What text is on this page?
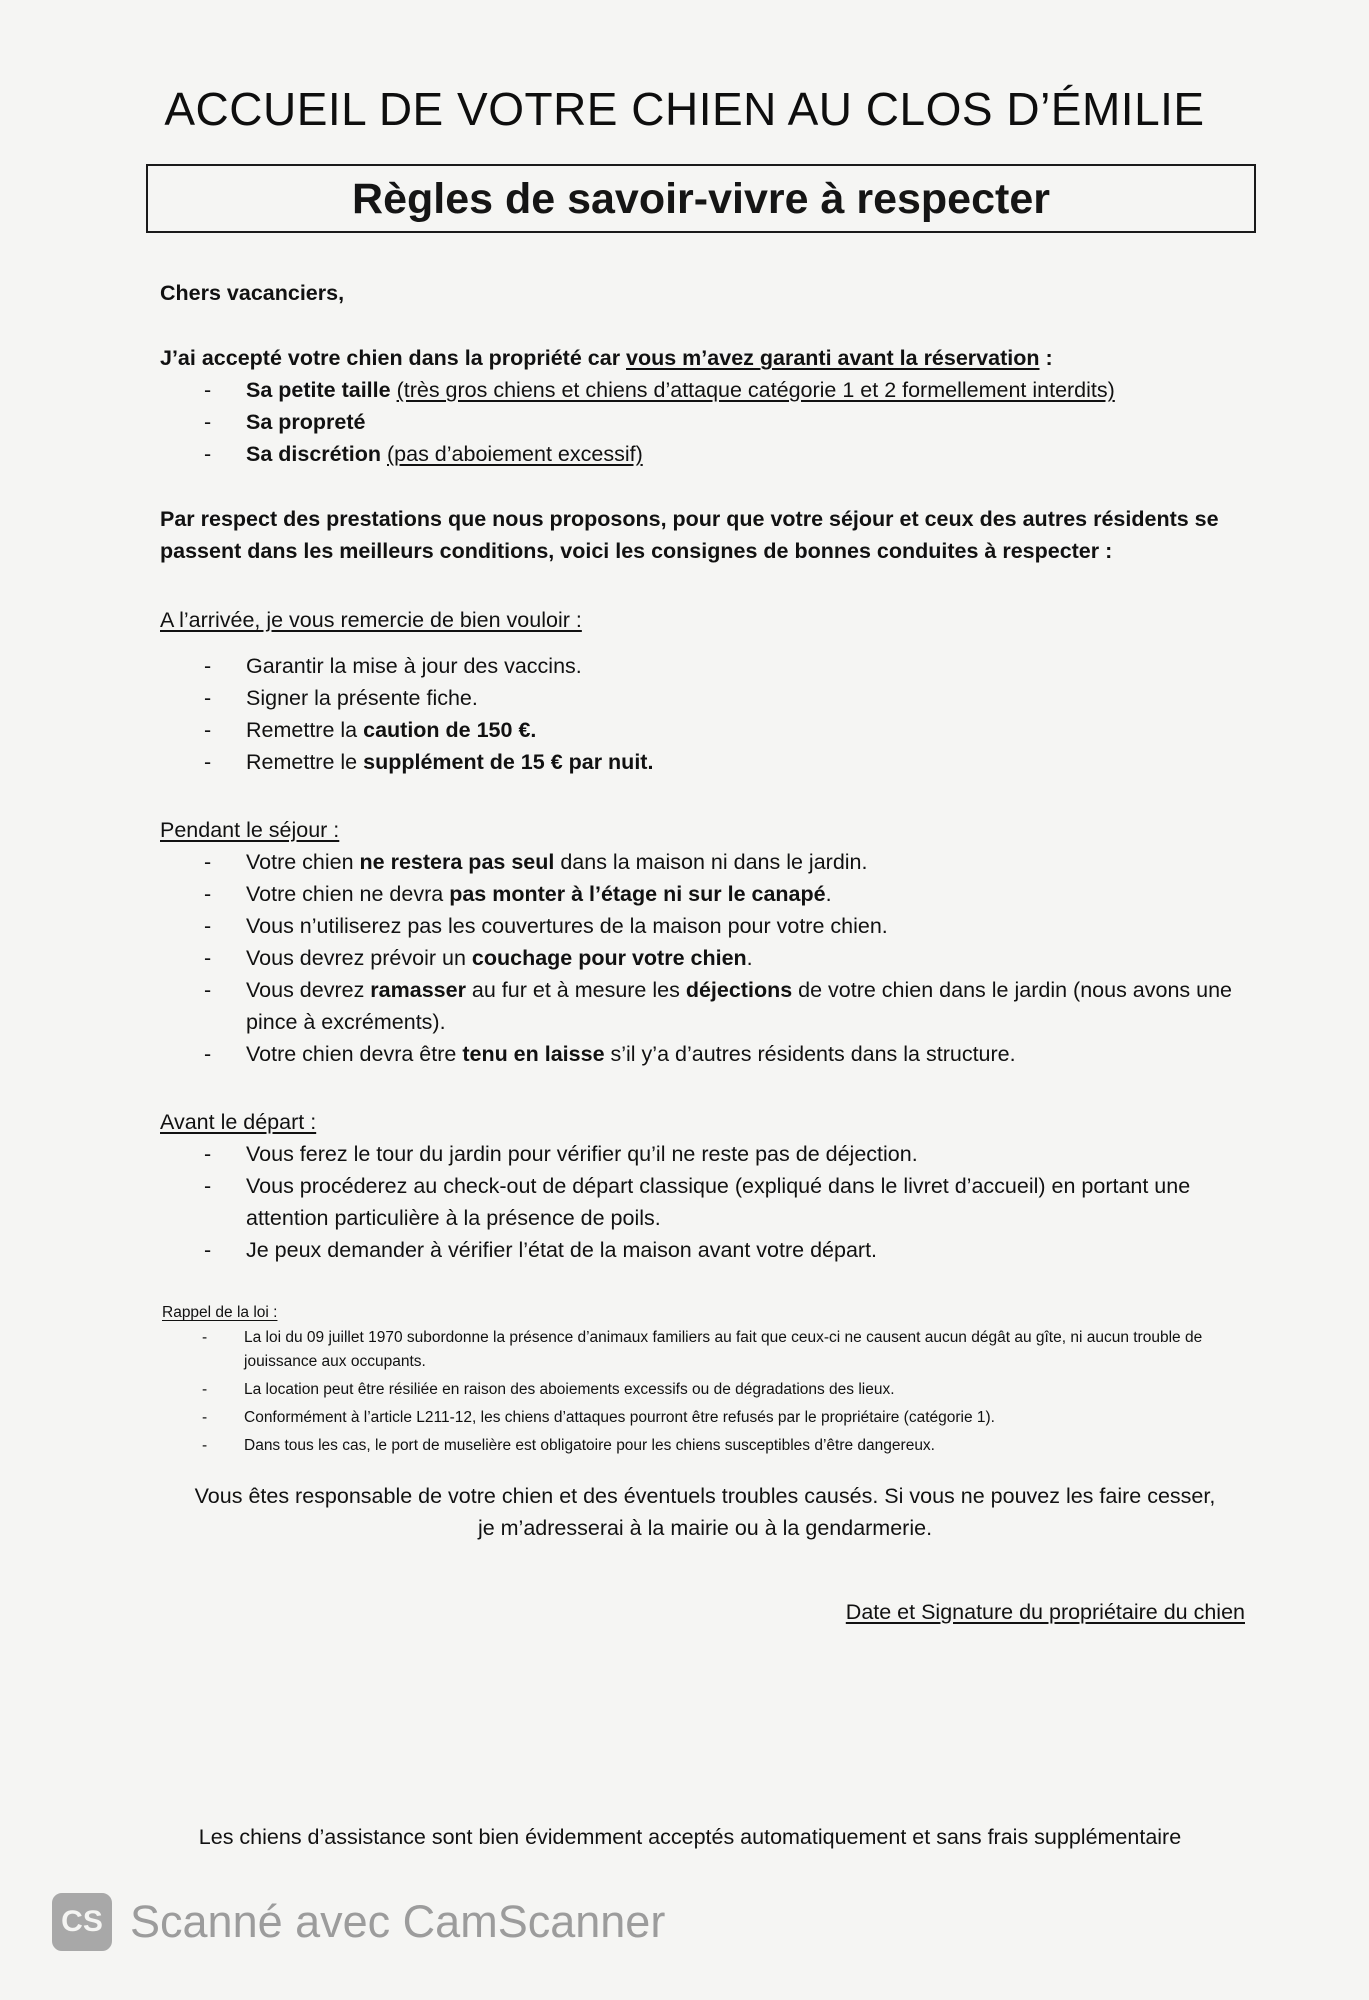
ACCUEIL DE VOTRE CHIEN AU CLOS D’ÉMILIE
Règles de savoir-vivre à respecter
Chers vacanciers,
J’ai accepté votre chien dans la propriété car vous m’avez garanti avant la réservation :
- Sa petite taille (très gros chiens et chiens d’attaque catégorie 1 et 2 formellement interdits)
- Sa propreté
- Sa discrétion (pas d’aboiement excessif)
Par respect des prestations que nous proposons, pour que votre séjour et ceux des autres résidents se passent dans les meilleurs conditions, voici les consignes de bonnes conduites à respecter :
A l’arrivée, je vous remercie de bien vouloir :
- Garantir la mise à jour des vaccins.
- Signer la présente fiche.
- Remettre la caution de 150 €.
- Remettre le supplément de 15 € par nuit.
Pendant le séjour :
- Votre chien ne restera pas seul dans la maison ni dans le jardin.
- Votre chien ne devra pas monter à l’étage ni sur le canapé.
- Vous n’utiliserez pas les couvertures de la maison pour votre chien.
- Vous devrez prévoir un couchage pour votre chien.
- Vous devrez ramasser au fur et à mesure les déjections de votre chien dans le jardin (nous avons une pince à excréments).
- Votre chien devra être tenu en laisse s’il y’a d’autres résidents dans la structure.
Avant le départ :
- Vous ferez le tour du jardin pour vérifier qu’il ne reste pas de déjection.
- Vous procéderez au check-out de départ classique (expliqué dans le livret d’accueil) en portant une attention particulière à la présence de poils.
- Je peux demander à vérifier l’état de la maison avant votre départ.
Rappel de la loi :
- La loi du 09 juillet 1970 subordonne la présence d’animaux familiers au fait que ceux-ci ne causent aucun dégât au gîte, ni aucun trouble de jouissance aux occupants.
- La location peut être résiliée en raison des aboiements excessifs ou de dégradations des lieux.
- Conformément à l’article L211-12, les chiens d’attaques pourront être refusés par le propriétaire (catégorie 1).
- Dans tous les cas, le port de muselière est obligatoire pour les chiens susceptibles d’être dangereux.
Vous êtes responsable de votre chien et des éventuels troubles causés. Si vous ne pouvez les faire cesser, je m’adresserai à la mairie ou à la gendarmerie.
Date et Signature du propriétaire du chien
Les chiens d’assistance sont bien évidemment acceptés automatiquement et sans frais supplémentaire
CS Scanné avec CamScanner
